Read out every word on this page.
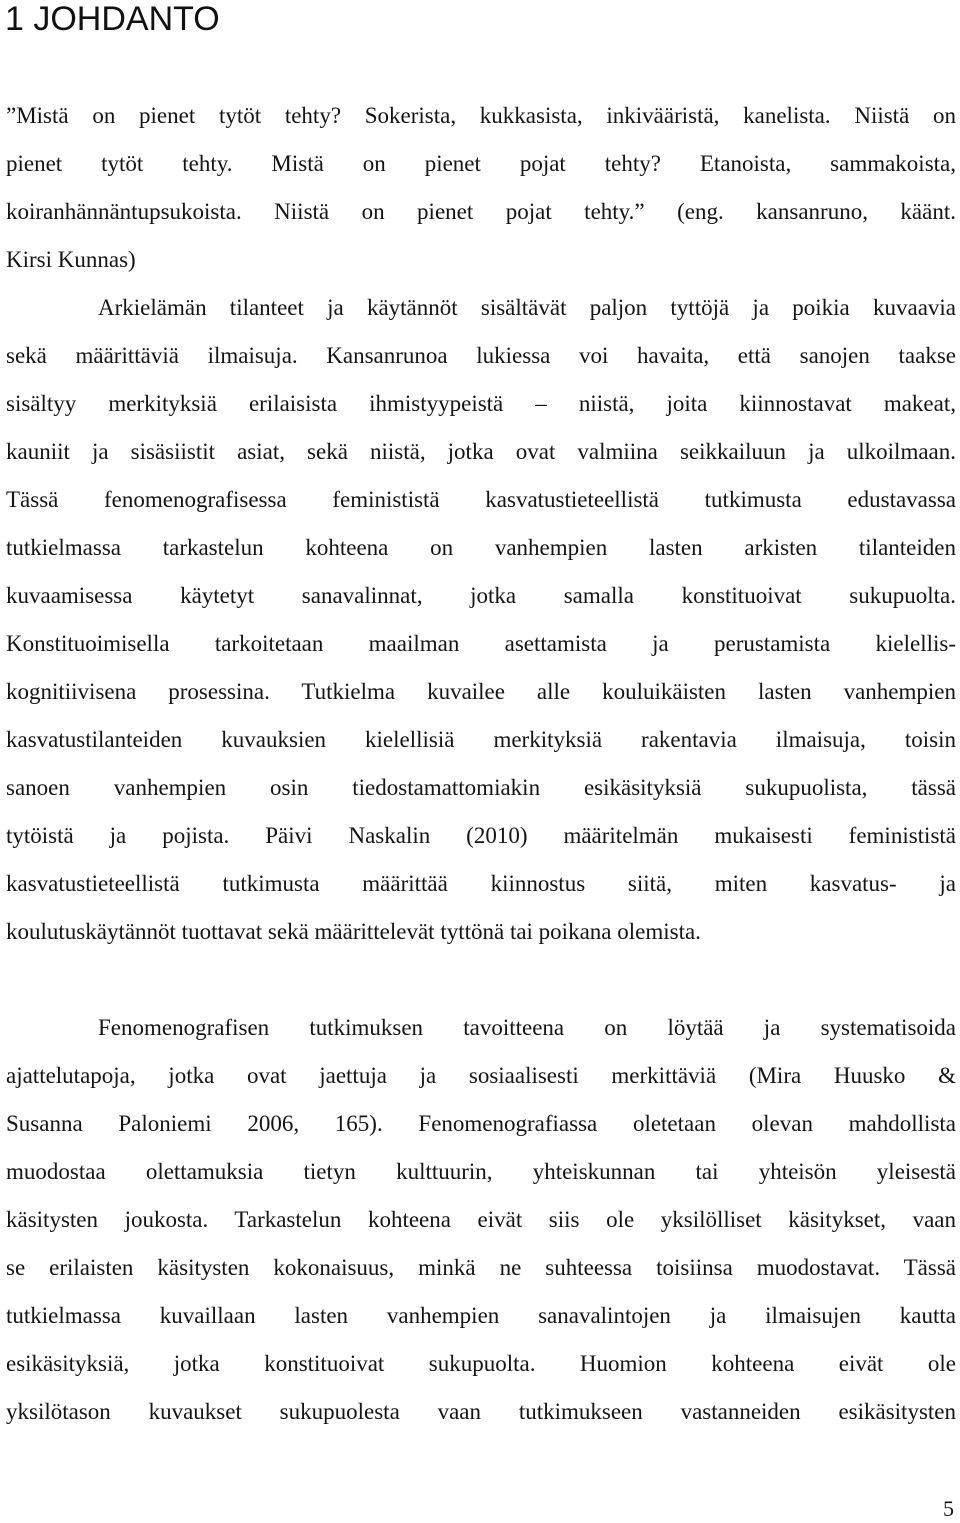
1 JOHDANTO
”Mistä on pienet tytöt tehty? Sokerista, kukkasista, inkivääristä, kanelista. Niistä on
pienet tytöt tehty. Mistä on pienet pojat tehty? Etanoista, sammakoista,
koiranhännäntupsukoista. Niistä on pienet pojat tehty.” (eng. kansanruno, käänt.
Kirsi Kunnas)
Arkielämän tilanteet ja käytännöt sisältävät paljon tyttöjä ja poikia kuvaavia
sekä määrittäviä ilmaisuja. Kansanrunoa lukiessa voi havaita, että sanojen taakse
sisältyy merkityksiä erilaisista ihmistyypeistä – niistä, joita kiinnostavat makeat,
kauniit ja sisäsiistit asiat, sekä niistä, jotka ovat valmiina seikkailuun ja ulkoilmaan.
Tässä fenomenografisessa feminististä kasvatustieteellistä tutkimusta edustavassa
tutkielmassa tarkastelun kohteena on vanhempien lasten arkisten tilanteiden
kuvaamisessa käytetyt sanavalinnat, jotka samalla konstituoivat sukupuolta.
Konstituoimisella tarkoitetaan maailman asettamista ja perustamista kielellis-
kognitiivisena prosessina. Tutkielma kuvailee alle kouluikäisten lasten vanhempien
kasvatustilanteiden kuvauksien kielellisiä merkityksiä rakentavia ilmaisuja, toisin
sanoen vanhempien osin tiedostamattomiakin esikäsityksiä sukupuolista, tässä
tytöistä ja pojista. Päivi Naskalin (2010) määritelmän mukaisesti feminististä
kasvatustieteellistä tutkimusta määrittää kiinnostus siitä, miten kasvatus- ja
koulutuskäytännöt tuottavat sekä määrittelevät tyttönä tai poikana olemista.
Fenomenografisen tutkimuksen tavoitteena on löytää ja systematisoida
ajattelutapoja, jotka ovat jaettuja ja sosiaalisesti merkittäviä (Mira Huusko &
Susanna Paloniemi 2006, 165). Fenomenografiassa oletetaan olevan mahdollista
muodostaa olettamuksia tietyn kulttuurin, yhteiskunnan tai yhteisön yleisestä
käsitysten joukosta. Tarkastelun kohteena eivät siis ole yksilölliset käsitykset, vaan
se erilaisten käsitysten kokonaisuus, minkä ne suhteessa toisiinsa muodostavat. Tässä
tutkielmassa kuvaillaan lasten vanhempien sanavalintojen ja ilmaisujen kautta
esikäsityksiä, jotka konstituoivat sukupuolta. Huomion kohteena eivät ole
yksilötason kuvaukset sukupuolesta vaan tutkimukseen vastanneiden esikäsitysten
5
